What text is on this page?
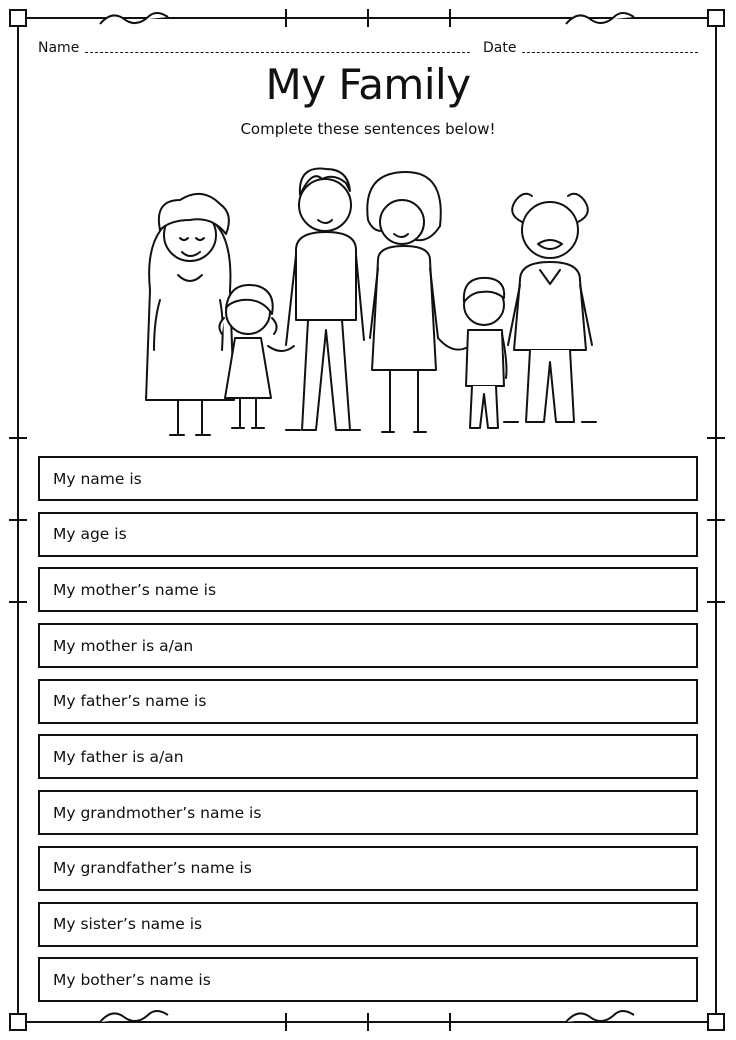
Name	Date
My Family
Complete these sentences below!
My name is
My age is
My mother’s name is
My mother is a/an
My father’s name is
My father is a/an
My grandmother’s name is
My grandfather’s name is
My sister’s name is
My bother’s name is
